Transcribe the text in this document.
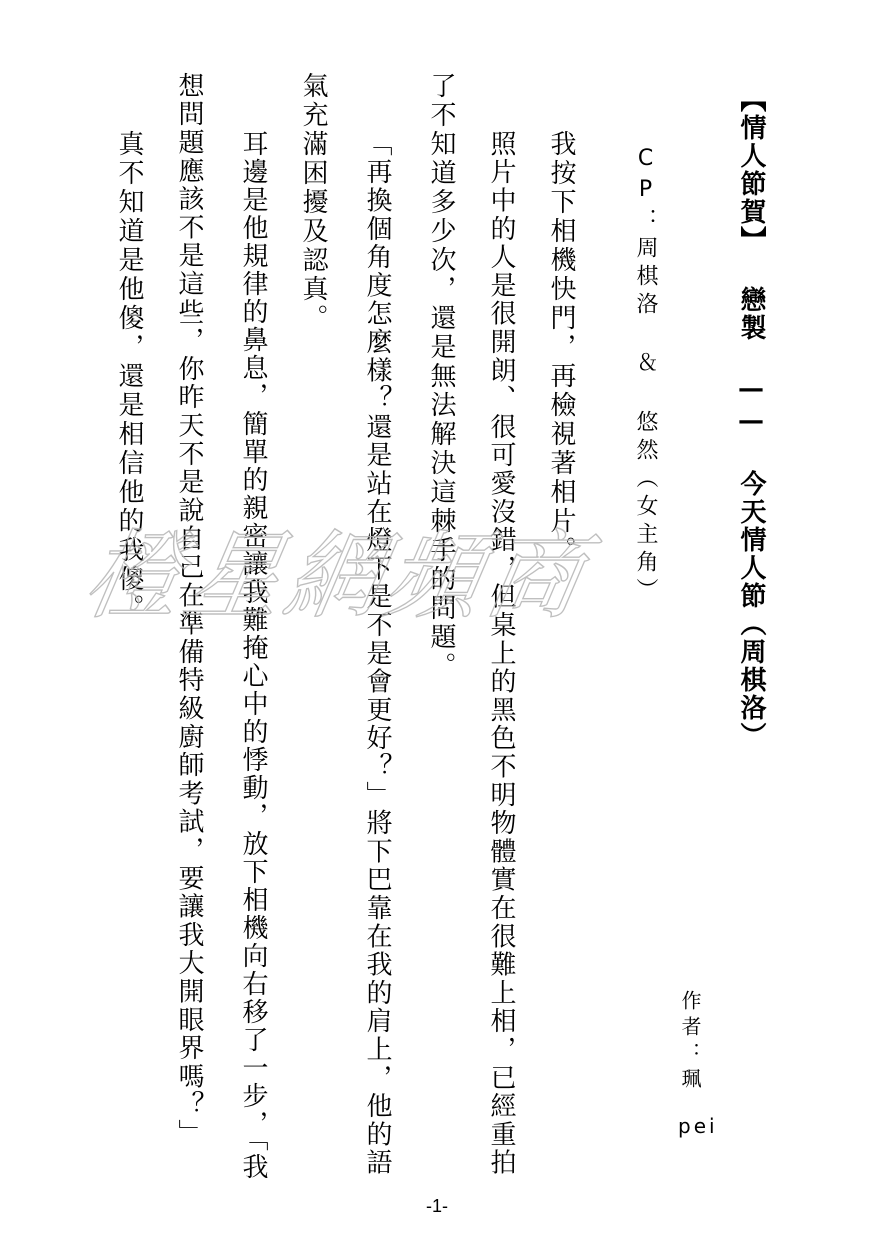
【情人節賀】 戀製 —— 今天情人節（周棋洛）
CP：周棋洛 ＆ 悠然（女主角）
作者：珮
pei
我按下相機快門，再檢視著相片。
照片中的人是很開朗、很可愛沒錯，但桌上的黑色不明物體實在很難上相，已經重拍
了不知道多少次，還是無法解決這棘手的問題。
「再換個角度怎麼樣？還是站在燈下是不是會更好？」將下巴靠在我的肩上，他的語
氣充滿困擾及認真。
耳邊是他規律的鼻息，簡單的親密讓我難掩心中的悸動，放下相機向右移了一步，「我
想問題應該不是這些，你昨天不是說自己在準備特級廚師考試，要讓我大開眼界嗎？」
真不知道是他傻，還是相信他的我傻。
橙星網頻商
-1-
